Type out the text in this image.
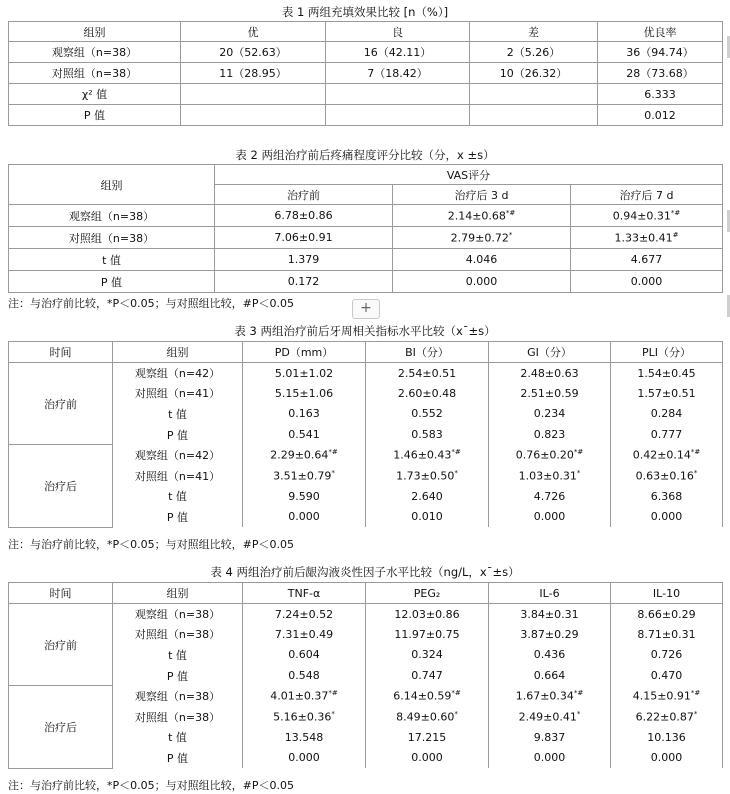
表 1 两组充填效果比较 [n（%）]
组别	优	良	差	优良率
观察组（n=38）	20（52.63）	16（42.11）	2（5.26）	36（94.74）
对照组（n=38）	11（28.95）	7（18.42）	10（26.32）	28（73.68）
χ² 值				6.333
P 值				0.012
表 2 两组治疗前后疼痛程度评分比较（分，x ±s）
组别	VAS评分		
	治疗前	治疗后 3 d	治疗后 7 d
观察组（n=38）	6.78±0.86	2.14±0.68*#	0.94±0.31*#
对照组（n=38）	7.06±0.91	2.79±0.72*	1.33±0.41#
t 值	1.379	4.046	4.677
P 值	0.172	0.000	0.000
注：与治疗前比较，*P＜0.05；与对照组比较，#P＜0.05	+
表 3 两组治疗前后牙周相关指标水平比较（x¯±s）
时间	组别	PD（mm）	BI（分）	GI（分）	PLI（分）
治疗前	观察组（n=42）	5.01±1.02	2.54±0.51	2.48±0.63	1.54±0.45
	对照组（n=41）	5.15±1.06	2.60±0.48	2.51±0.59	1.57±0.51
	t 值	0.163	0.552	0.234	0.284
	P 值	0.541	0.583	0.823	0.777
治疗后	观察组（n=42）	2.29±0.64*#	1.46±0.43*#	0.76±0.20*#	0.42±0.14*#
	对照组（n=41）	3.51±0.79*	1.73±0.50*	1.03±0.31*	0.63±0.16*
	t 值	9.590	2.640	4.726	6.368
	P 值	0.000	0.010	0.000	0.000
注：与治疗前比较，*P＜0.05；与对照组比较，#P＜0.05
表 4 两组治疗前后龈沟液炎性因子水平比较（ng/L，x¯±s）
时间	组别	TNF-α	PEG₂	IL-6	IL-10
治疗前	观察组（n=38）	7.24±0.52	12.03±0.86	3.84±0.31	8.66±0.29
	对照组（n=38）	7.31±0.49	11.97±0.75	3.87±0.29	8.71±0.31
	t 值	0.604	0.324	0.436	0.726
	P 值	0.548	0.747	0.664	0.470
治疗后	观察组（n=38）	4.01±0.37*#	6.14±0.59*#	1.67±0.34*#	4.15±0.91*#
	对照组（n=38）	5.16±0.36*	8.49±0.60*	2.49±0.41*	6.22±0.87*
	t 值	13.548	17.215	9.837	10.136
	P 值	0.000	0.000	0.000	0.000
注：与治疗前比较，*P＜0.05；与对照组比较，#P＜0.05
